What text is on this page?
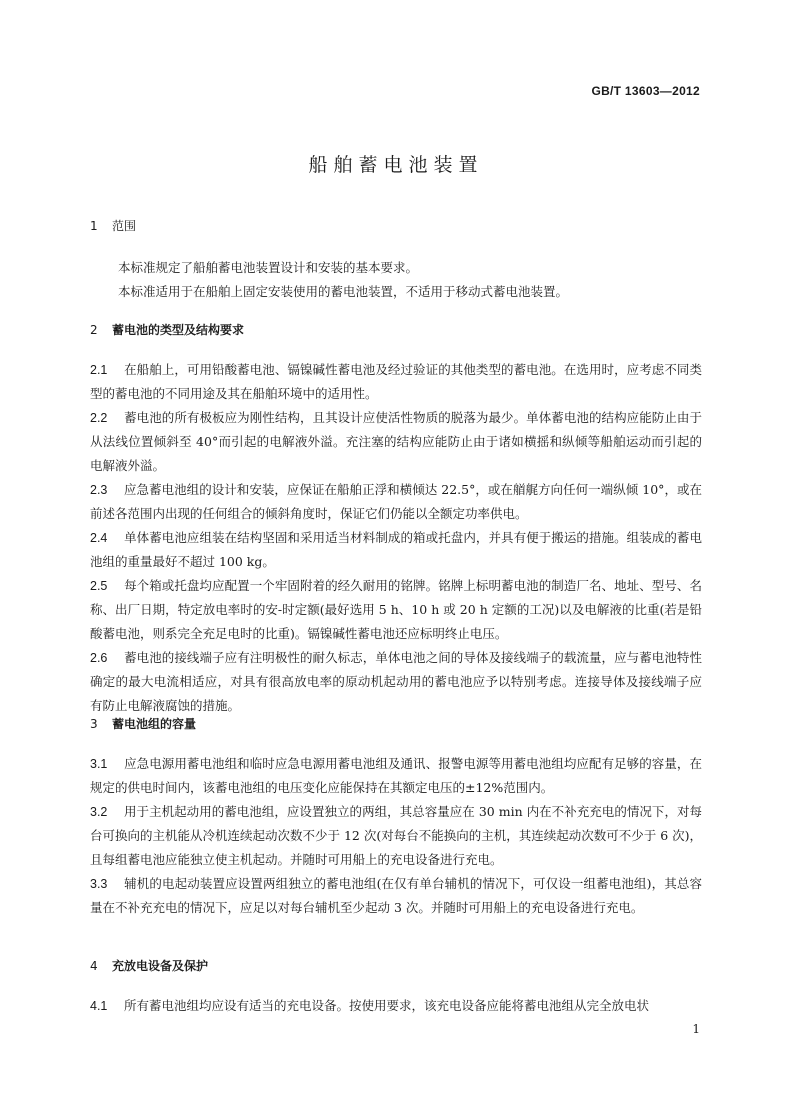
GB/T 13603—2012
船舶蓄电池装置
1 范围

本标准规定了船舶蓄电池装置设计和安装的基本要求。

本标准适用于在船舶上固定安装使用的蓄电池装置，不适用于移动式蓄电池装置。

2 蓄电池的类型及结构要求

2.1 在船舶上，可用铅酸蓄电池、镉镍碱性蓄电池及经过验证的其他类型的蓄电池。在选用时，应考虑不同类型的蓄电池的不同用途及其在船舶环境中的适用性。

2.2 蓄电池的所有极板应为刚性结构，且其设计应使活性物质的脱落为最少。单体蓄电池的结构应能防止由于从法线位置倾斜至 40°而引起的电解液外溢。充注塞的结构应能防止由于诸如横摇和纵倾等船舶运动而引起的电解液外溢。

2.3 应急蓄电池组的设计和安装，应保证在船舶正浮和横倾达 22.5°，或在艏艉方向任何一端纵倾 10°，或在前述各范围内出现的任何组合的倾斜角度时，保证它们仍能以全额定功率供电。

2.4 单体蓄电池应组装在结构坚固和采用适当材料制成的箱或托盘内，并具有便于搬运的措施。组装成的蓄电池组的重量最好不超过 100 kg。

2.5 每个箱或托盘均应配置一个牢固附着的经久耐用的铭牌。铭牌上标明蓄电池的制造厂名、地址、型号、名称、出厂日期，特定放电率时的安-时定额(最好选用 5 h、10 h 或 20 h 定额的工况)以及电解液的比重(若是铅酸蓄电池，则系完全充足电时的比重)。镉镍碱性蓄电池还应标明终止电压。

2.6 蓄电池的接线端子应有注明极性的耐久标志，单体电池之间的导体及接线端子的载流量，应与蓄电池特性确定的最大电流相适应，对具有很高放电率的原动机起动用的蓄电池应予以特别考虑。连接导体及接线端子应有防止电解液腐蚀的措施。

3 蓄电池组的容量

3.1 应急电源用蓄电池组和临时应急电源用蓄电池组及通讯、报警电源等用蓄电池组均应配有足够的容量，在规定的供电时间内，该蓄电池组的电压变化应能保持在其额定电压的±12%范围内。

3.2 用于主机起动用的蓄电池组，应设置独立的两组，其总容量应在 30 min 内在不补充充电的情况下，对每台可换向的主机能从冷机连续起动次数不少于 12 次(对每台不能换向的主机，其连续起动次数可不少于 6 次)，且每组蓄电池应能独立使主机起动。并随时可用船上的充电设备进行充电。

3.3 辅机的电起动装置应设置两组独立的蓄电池组(在仅有单台辅机的情况下，可仅设一组蓄电池组)，其总容量在不补充充电的情况下，应足以对每台辅机至少起动 3 次。并随时可用船上的充电设备进行充电。

4 充放电设备及保护

4.1 所有蓄电池组均应设有适当的充电设备。按使用要求，该充电设备应能将蓄电池组从完全放电状

1
